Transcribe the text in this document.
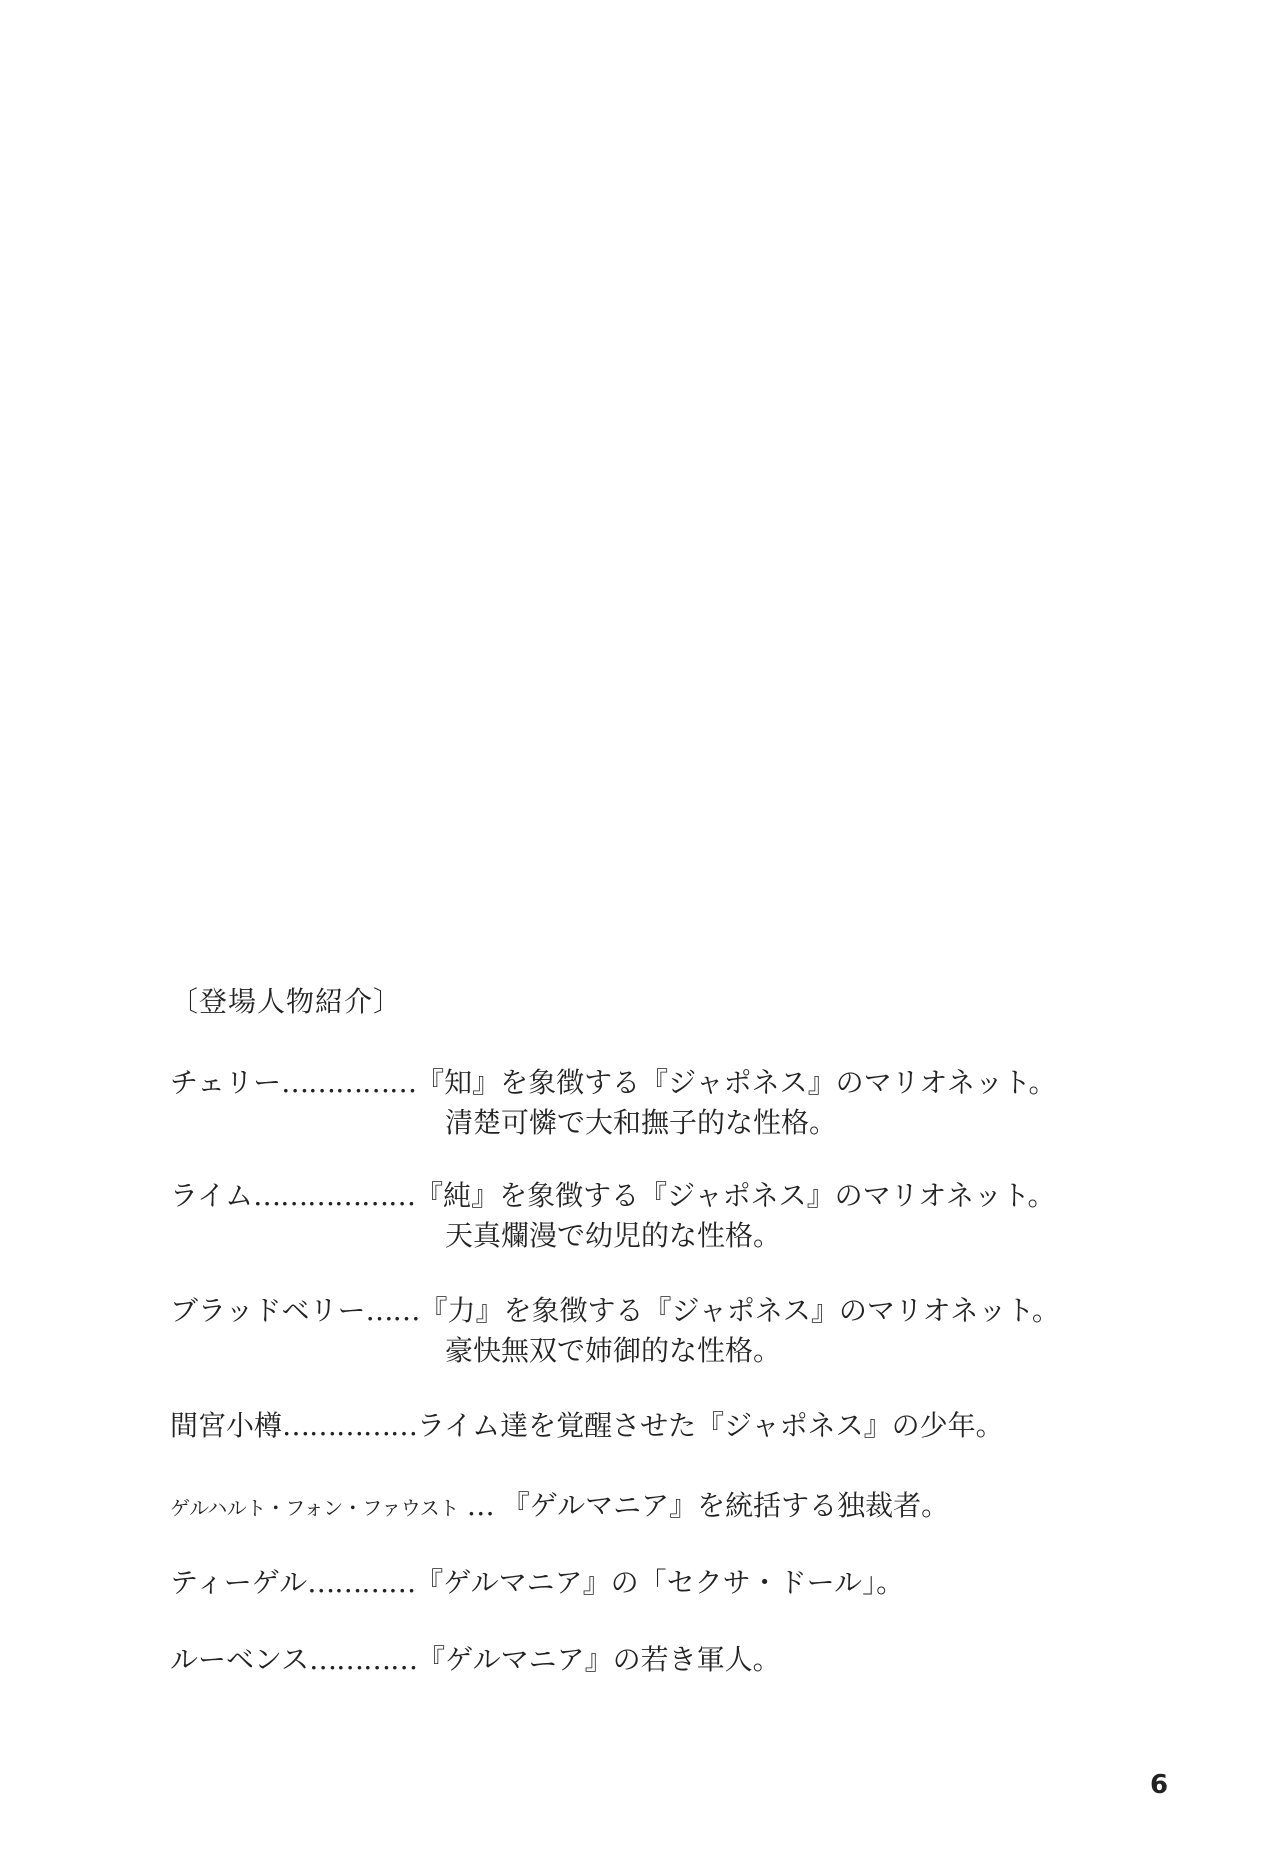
〔登場人物紹介〕
チェリー……………『知』を象徴する『ジャポネス』のマリオネット。
清楚可憐で大和撫子的な性格。
ライム………………『純』を象徴する『ジャポネス』のマリオネット。
天真爛漫で幼児的な性格。
ブラッドベリー……『力』を象徴する『ジャポネス』のマリオネット。
豪快無双で姉御的な性格。
間宮小樽……………ライム達を覚醒させた『ジャポネス』の少年。
ゲルハルト・フォン・ファウスト … 『ゲルマニア』を統括する独裁者。
ティーゲル…………『ゲルマニア』の「セクサ・ドール」。
ルーベンス…………『ゲルマニア』の若き軍人。
6
